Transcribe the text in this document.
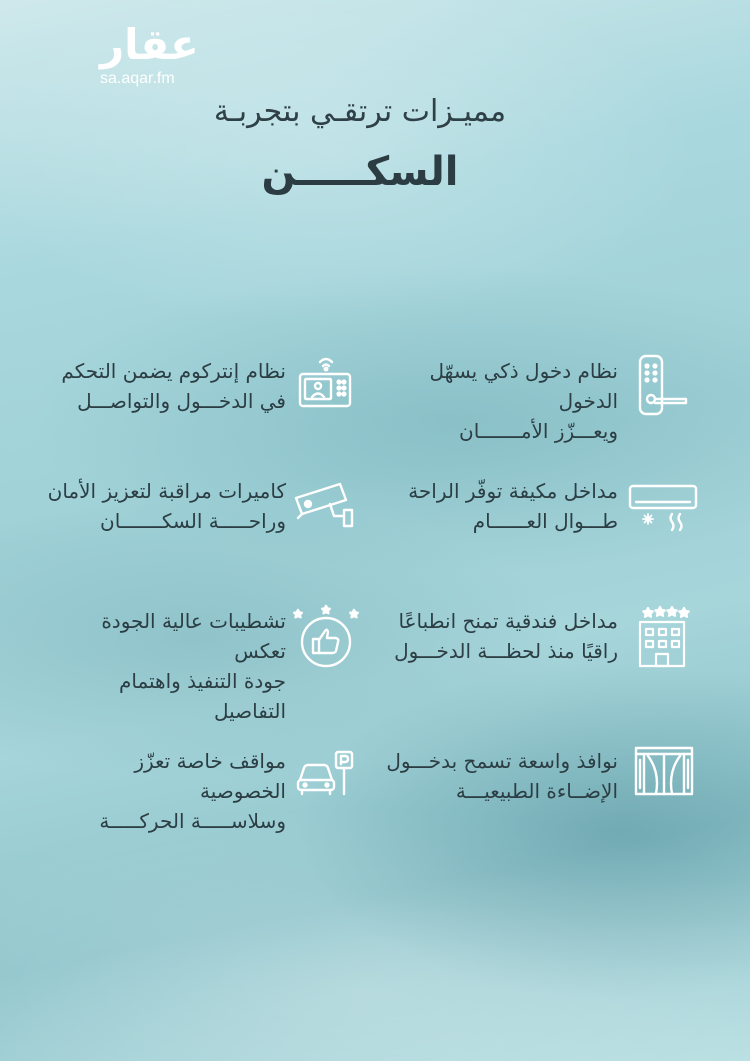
عقار
sa.aqar.fm
مميـزات ترتقـي بتجربـة
السكـــــن
نظام دخول ذكي يسهّل الدخول
ويعـــزّز الأمـــــــان
نظام إنتركوم يضمن التحكم
في الدخـــول والتواصـــل
مداخل مكيفة توفّر الراحة
طـــوال العــــــام
كاميرات مراقبة لتعزيز الأمان
وراحـــــة السكـــــــان
مداخل فندقية تمنح انطباعًا
راقيًا منذ لحظـــة الدخـــول
تشطيبات عالية الجودة تعكس
جودة التنفيذ واهتمام التفاصيل
نوافذ واسعة تسمح بدخـــول
الإضــاءة الطبيعيـــة
مواقف خاصة تعزّز الخصوصية
وسلاســـــة الحركـــــة
